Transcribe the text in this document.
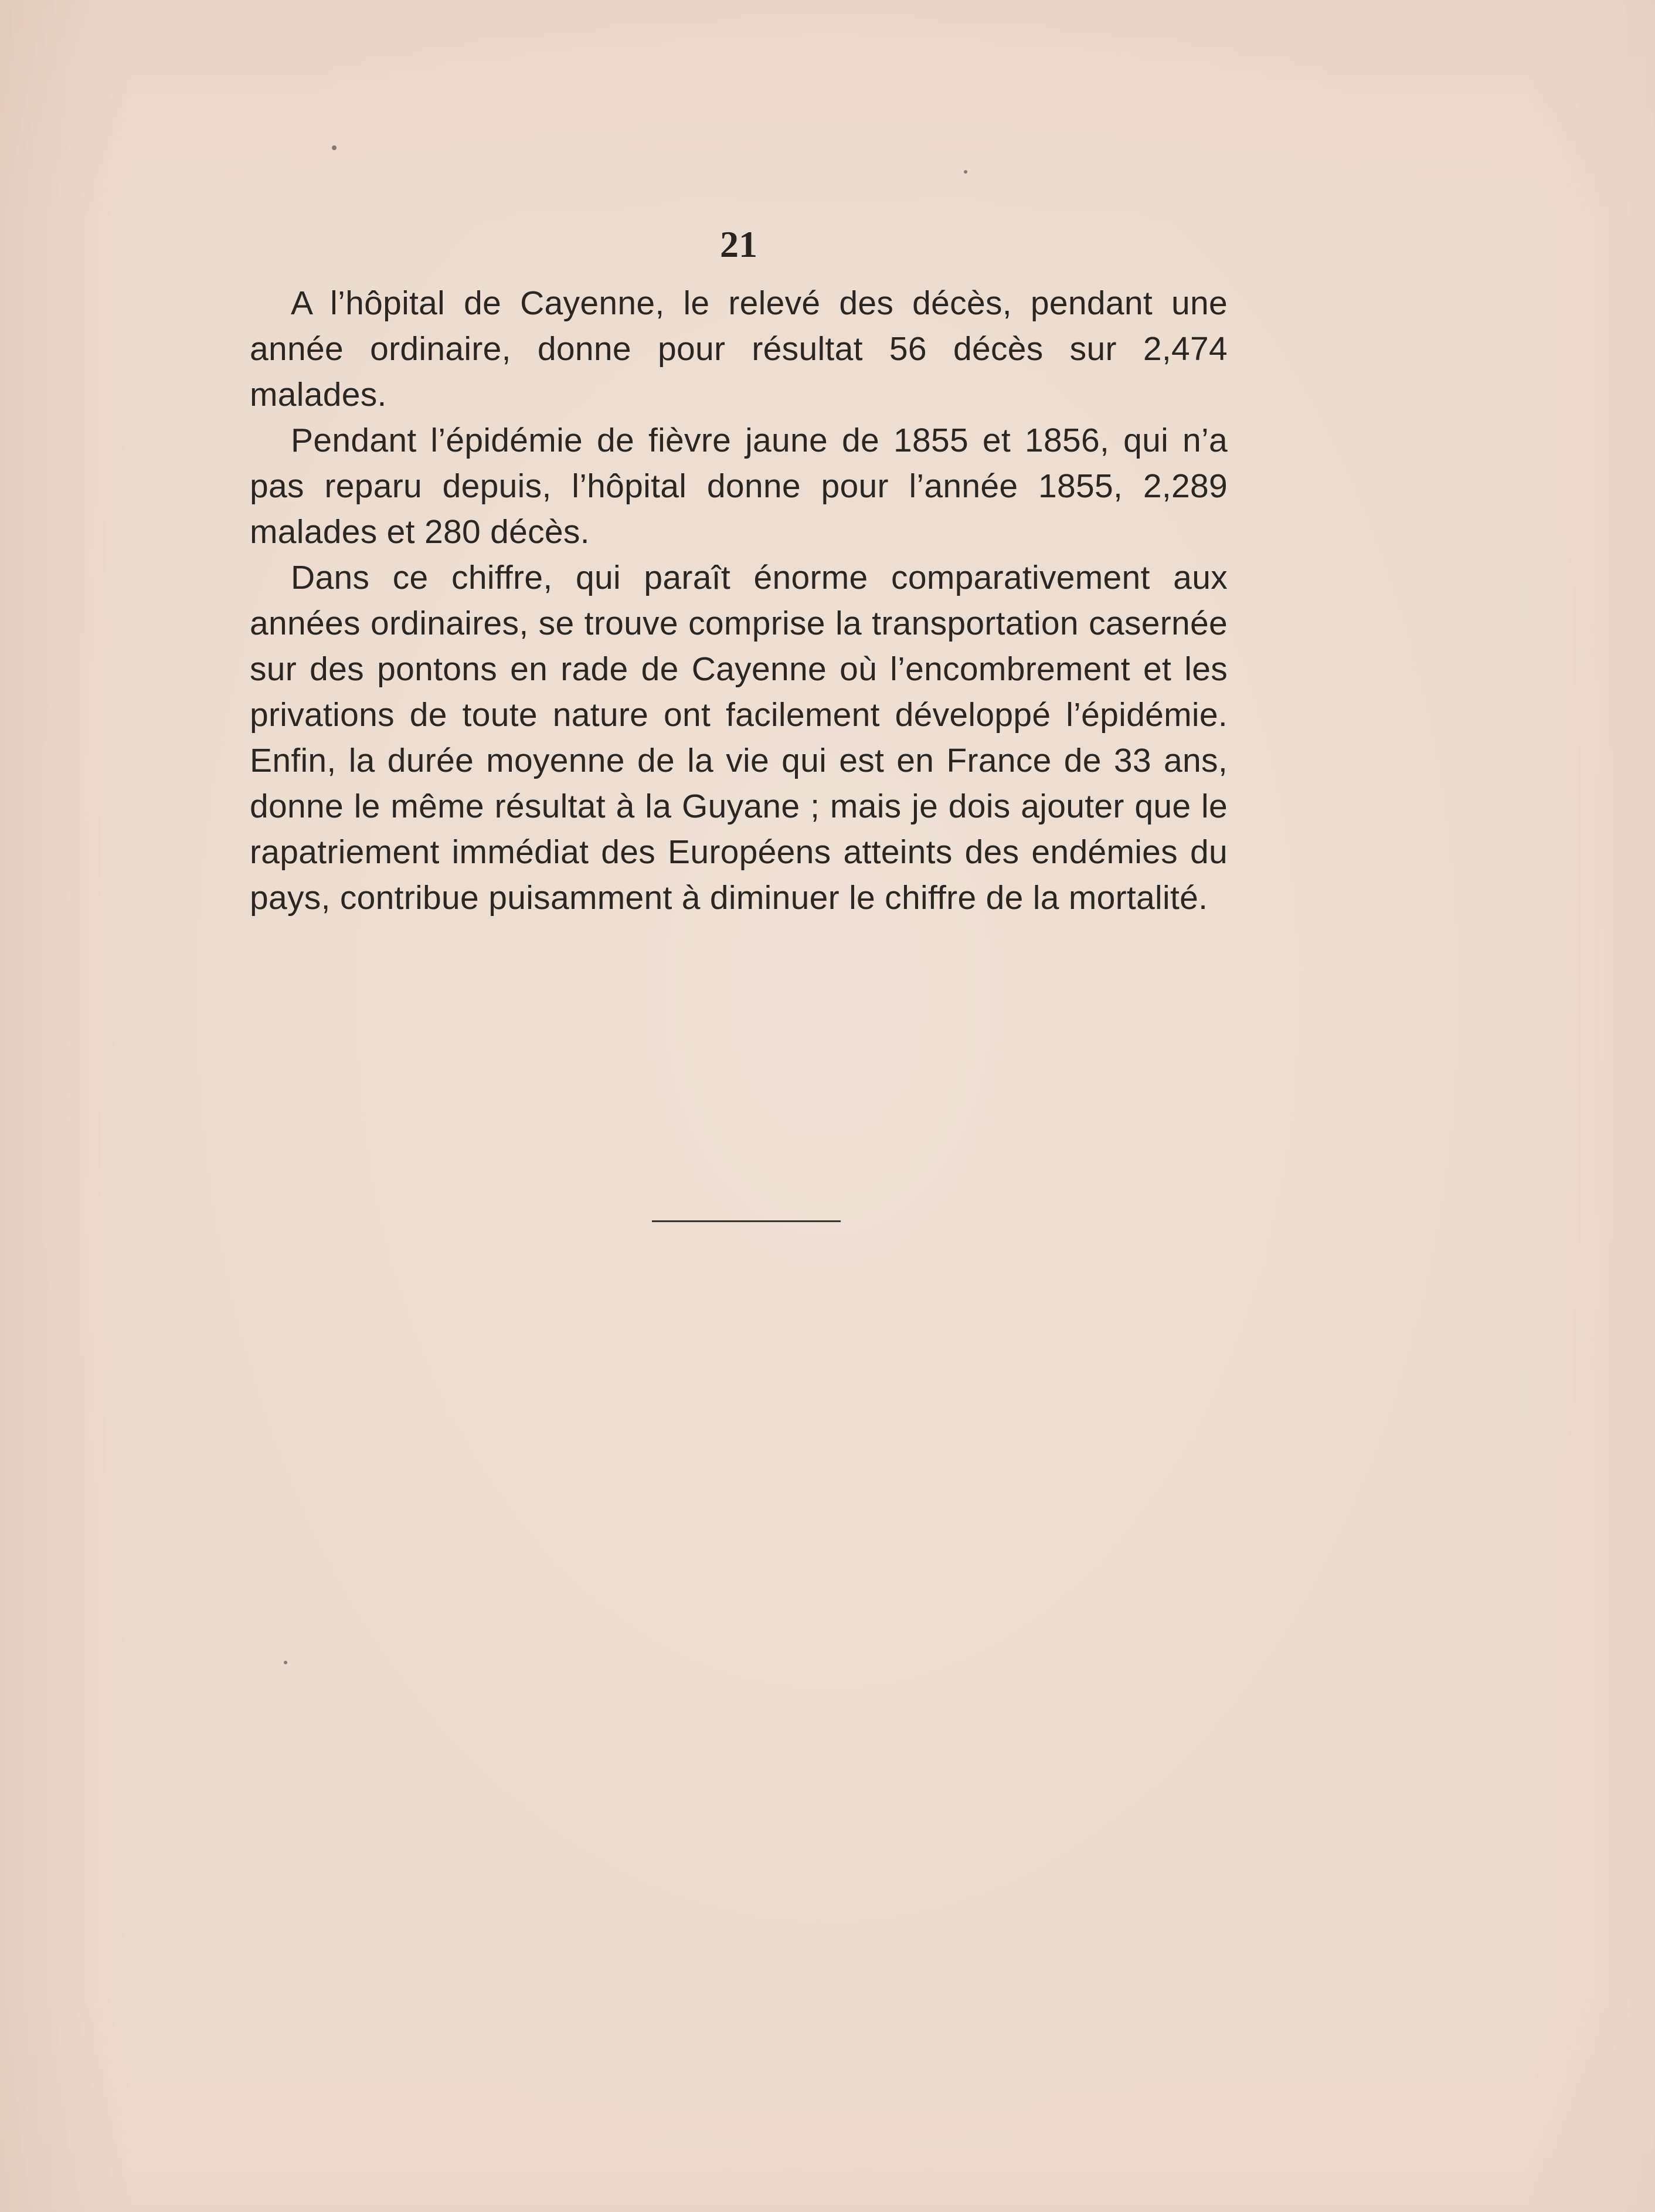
21

A l’hôpital de Cayenne, le relevé des décès, pendant une année ordinaire, donne pour résultat 56 décès sur 2,474 malades.

Pendant l’épidémie de fièvre jaune de 1855 et 1856, qui n’a pas reparu depuis, l’hôpital donne pour l’année 1855, 2,289 malades et 280 décès.

Dans ce chiffre, qui paraît énorme comparativement aux années ordinaires, se trouve comprise la transportation casernée sur des pontons en rade de Cayenne où l’encombrement et les privations de toute nature ont facilement développé l’épidémie. Enfin, la durée moyenne de la vie qui est en France de 33 ans, donne le même résultat à la Guyane ; mais je dois ajouter que le rapatriement immédiat des Européens atteints des endémies du pays, contribue puisamment à diminuer le chiffre de la mortalité.
